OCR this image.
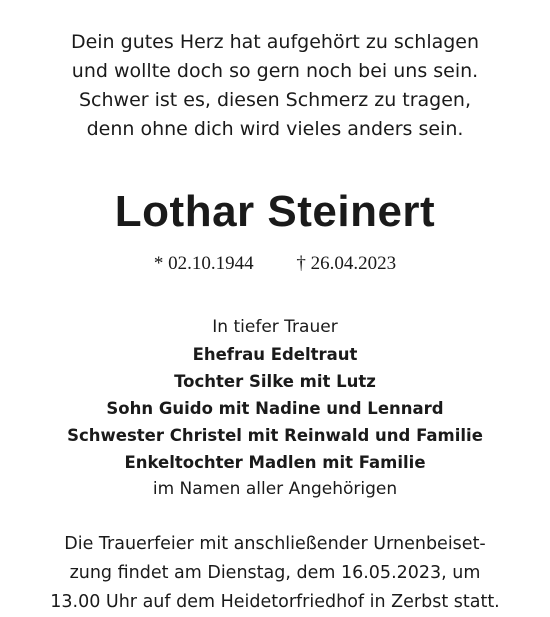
Dein gutes Herz hat aufgehört zu schlagen
und wollte doch so gern noch bei uns sein.
Schwer ist es, diesen Schmerz zu tragen,
denn ohne dich wird vieles anders sein.
Lothar Steinert
* 02.10.1944 † 26.04.2023
In tiefer Trauer
Ehefrau Edeltraut
Tochter Silke mit Lutz
Sohn Guido mit Nadine und Lennard
Schwester Christel mit Reinwald und Familie
Enkeltochter Madlen mit Familie
im Namen aller Angehörigen
Die Trauerfeier mit anschließender Urnenbeiset-
zung findet am Dienstag, dem 16.05.2023, um
13.00 Uhr auf dem Heidetorfriedhof in Zerbst statt.
